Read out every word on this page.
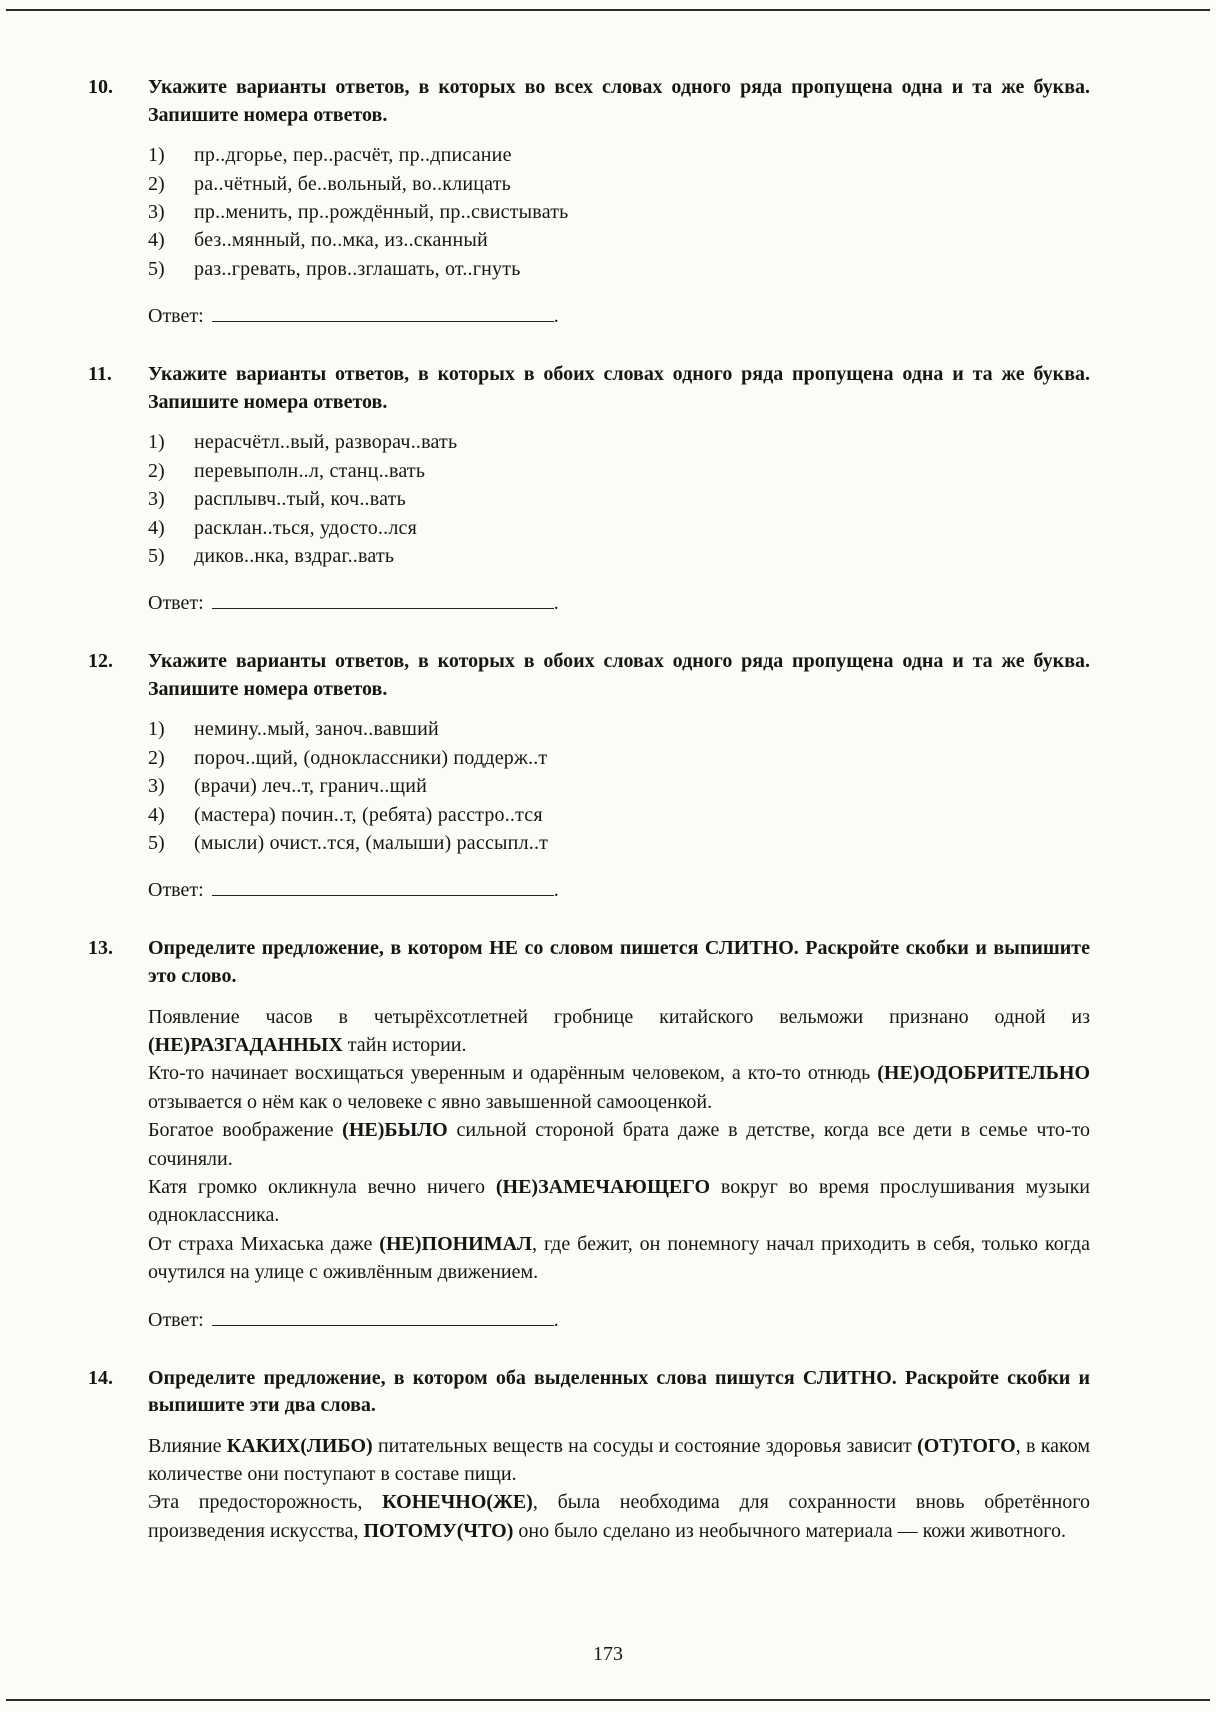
10.	Укажите варианты ответов, в которых во всех словах одного ряда пропущена одна и та же буква. Запишите номера ответов.

1)	пр..дгорье, пер..расчёт, пр..дписание
2)	ра..чётный, бе..вольный, во..клицать
3)	пр..менить, пр..рождённый, пр..свистывать
4)	без..мянный, по..мка, из..сканный
5)	раз..гревать, пров..зглашать, от..гнуть
Ответ:	.
11.	Укажите варианты ответов, в которых в обоих словах одного ряда пропущена одна и та же буква. Запишите номера ответов.

1)	нерасчётл..вый, разворач..вать
2)	перевыполн..л, станц..вать
3)	расплывч..тый, коч..вать
4)	расклан..ться, удосто..лся
5)	диков..нка, вздраг..вать
Ответ:	.
12.	Укажите варианты ответов, в которых в обоих словах одного ряда пропущена одна и та же буква. Запишите номера ответов.

1)	немину..мый, заноч..вавший
2)	пороч..щий, (одноклассники) поддерж..т
3)	(врачи) леч..т, гранич..щий
4)	(мастера) почин..т, (ребята) расстро..тся
5)	(мысли) очист..тся, (малыши) рассыпл..т
Ответ:	.
13.	Определите предложение, в котором НЕ со словом пишется СЛИТНО. Раскройте скобки и выпишите это слово.

Появление часов в четырёхсотлетней гробнице китайского вельможи признано одной из (НЕ)РАЗГАДАННЫХ тайн истории.

Кто-то начинает восхищаться уверенным и одарённым человеком, а кто-то отнюдь (НЕ)ОДОБРИТЕЛЬНО отзывается о нём как о человеке с явно завышенной самооценкой.

Богатое воображение (НЕ)БЫЛО сильной стороной брата даже в детстве, когда все дети в семье что-то сочиняли.

Катя громко окликнула вечно ничего (НЕ)ЗАМЕЧАЮЩЕГО вокруг во время прослушивания музыки одноклассника.

От страха Михаська даже (НЕ)ПОНИМАЛ, где бежит, он понемногу начал приходить в себя, только когда очутился на улице с оживлённым движением.

Ответ:	.
14.	Определите предложение, в котором оба выделенных слова пишутся СЛИТНО. Раскройте скобки и выпишите эти два слова.

Влияние КАКИХ(ЛИБО) питательных веществ на сосуды и состояние здоровья зависит (ОТ)ТОГО, в каком количестве они поступают в составе пищи.

Эта предосторожность, КОНЕЧНО(ЖЕ), была необходима для сохранности вновь обретённого произведения искусства, ПОТОМУ(ЧТО) оно было сделано из необычного материала — кожи животного.

173
